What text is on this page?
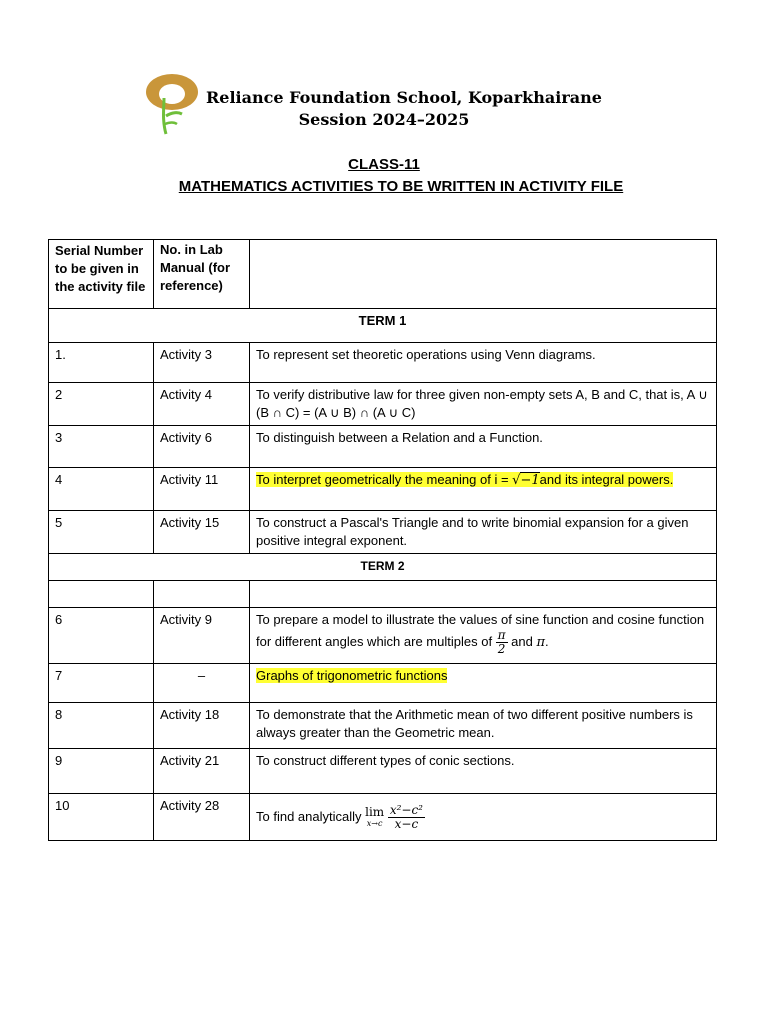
Reliance Foundation School, Koparkhairane
Session 2024–2025
CLASS-11
MATHEMATICS ACTIVITIES TO BE WRITTEN IN ACTIVITY FILE
Serial Number to be given in the activity file	No. in Lab Manual (for reference)	
TERM 1		
1.	Activity 3	To represent set theoretic operations using Venn diagrams.
2	Activity 4	To verify distributive law for three given non-empty sets A, B and C, that is, A ∪ (B ∩ C) = (A ∪ B) ∩ (A ∪ C)
3	Activity 6	To distinguish between a Relation and a Function.
4	Activity 11	To interpret geometrically the meaning of i = √−1and its integral powers.
5	Activity 15	To construct a Pascal's Triangle and to write binomial expansion for a given positive integral exponent.
TERM 2		

6	Activity 9	To prepare a model to illustrate the values of sine function and cosine function for different angles which are multiples of $\frac{\pi}{2}$ and π.
7	–	Graphs of trigonometric functions
8	Activity 18	To demonstrate that the Arithmetic mean of two different positive numbers is always greater than the Geometric mean.
9	Activity 21	To construct different types of conic sections.
10	Activity 28	To find analytically lim
x→c
$\frac{\text{x²−c²}}{x-c}$
